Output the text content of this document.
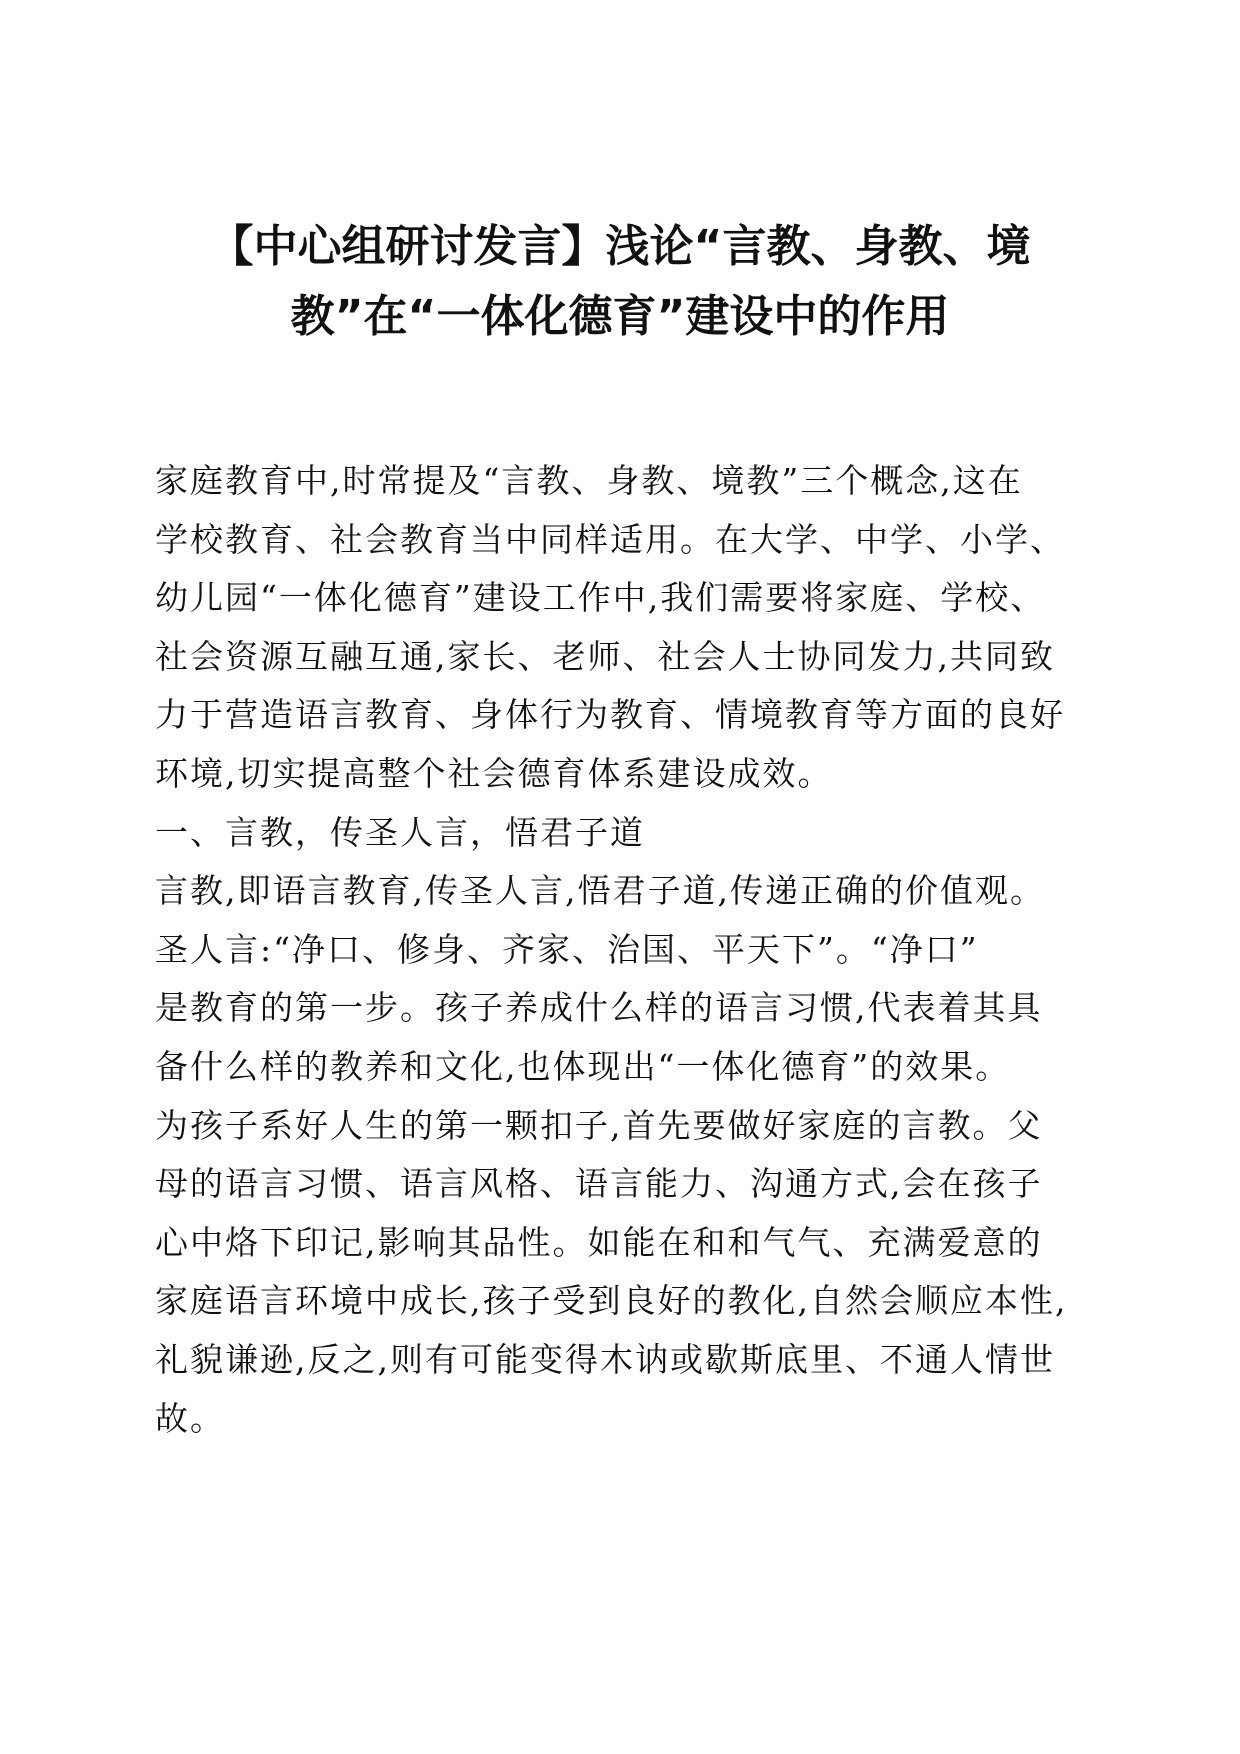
【中心组研讨发言】浅论“言教、身教、境
教”在“一体化德育”建设中的作用
家庭教育中,时常提及“言教、身教、境教”三个概念,这在
学校教育、社会教育当中同样适用。在大学、中学、小学、
幼儿园“一体化德育”建设工作中,我们需要将家庭、学校、
社会资源互融互通,家长、老师、社会人士协同发力,共同致
力于营造语言教育、身体行为教育、情境教育等方面的良好
环境,切实提高整个社会德育体系建设成效。
一、言教，传圣人言，悟君子道
言教,即语言教育,传圣人言,悟君子道,传递正确的价值观。
圣人言:“净口、修身、齐家、治国、平天下”。“净口”
是教育的第一步。孩子养成什么样的语言习惯,代表着其具
备什么样的教养和文化,也体现出“一体化德育”的效果。
为孩子系好人生的第一颗扣子,首先要做好家庭的言教。父
母的语言习惯、语言风格、语言能力、沟通方式,会在孩子
心中烙下印记,影响其品性。如能在和和气气、充满爱意的
家庭语言环境中成长,孩子受到良好的教化,自然会顺应本性,
礼貌谦逊,反之,则有可能变得木讷或歇斯底里、不通人情世
故。
